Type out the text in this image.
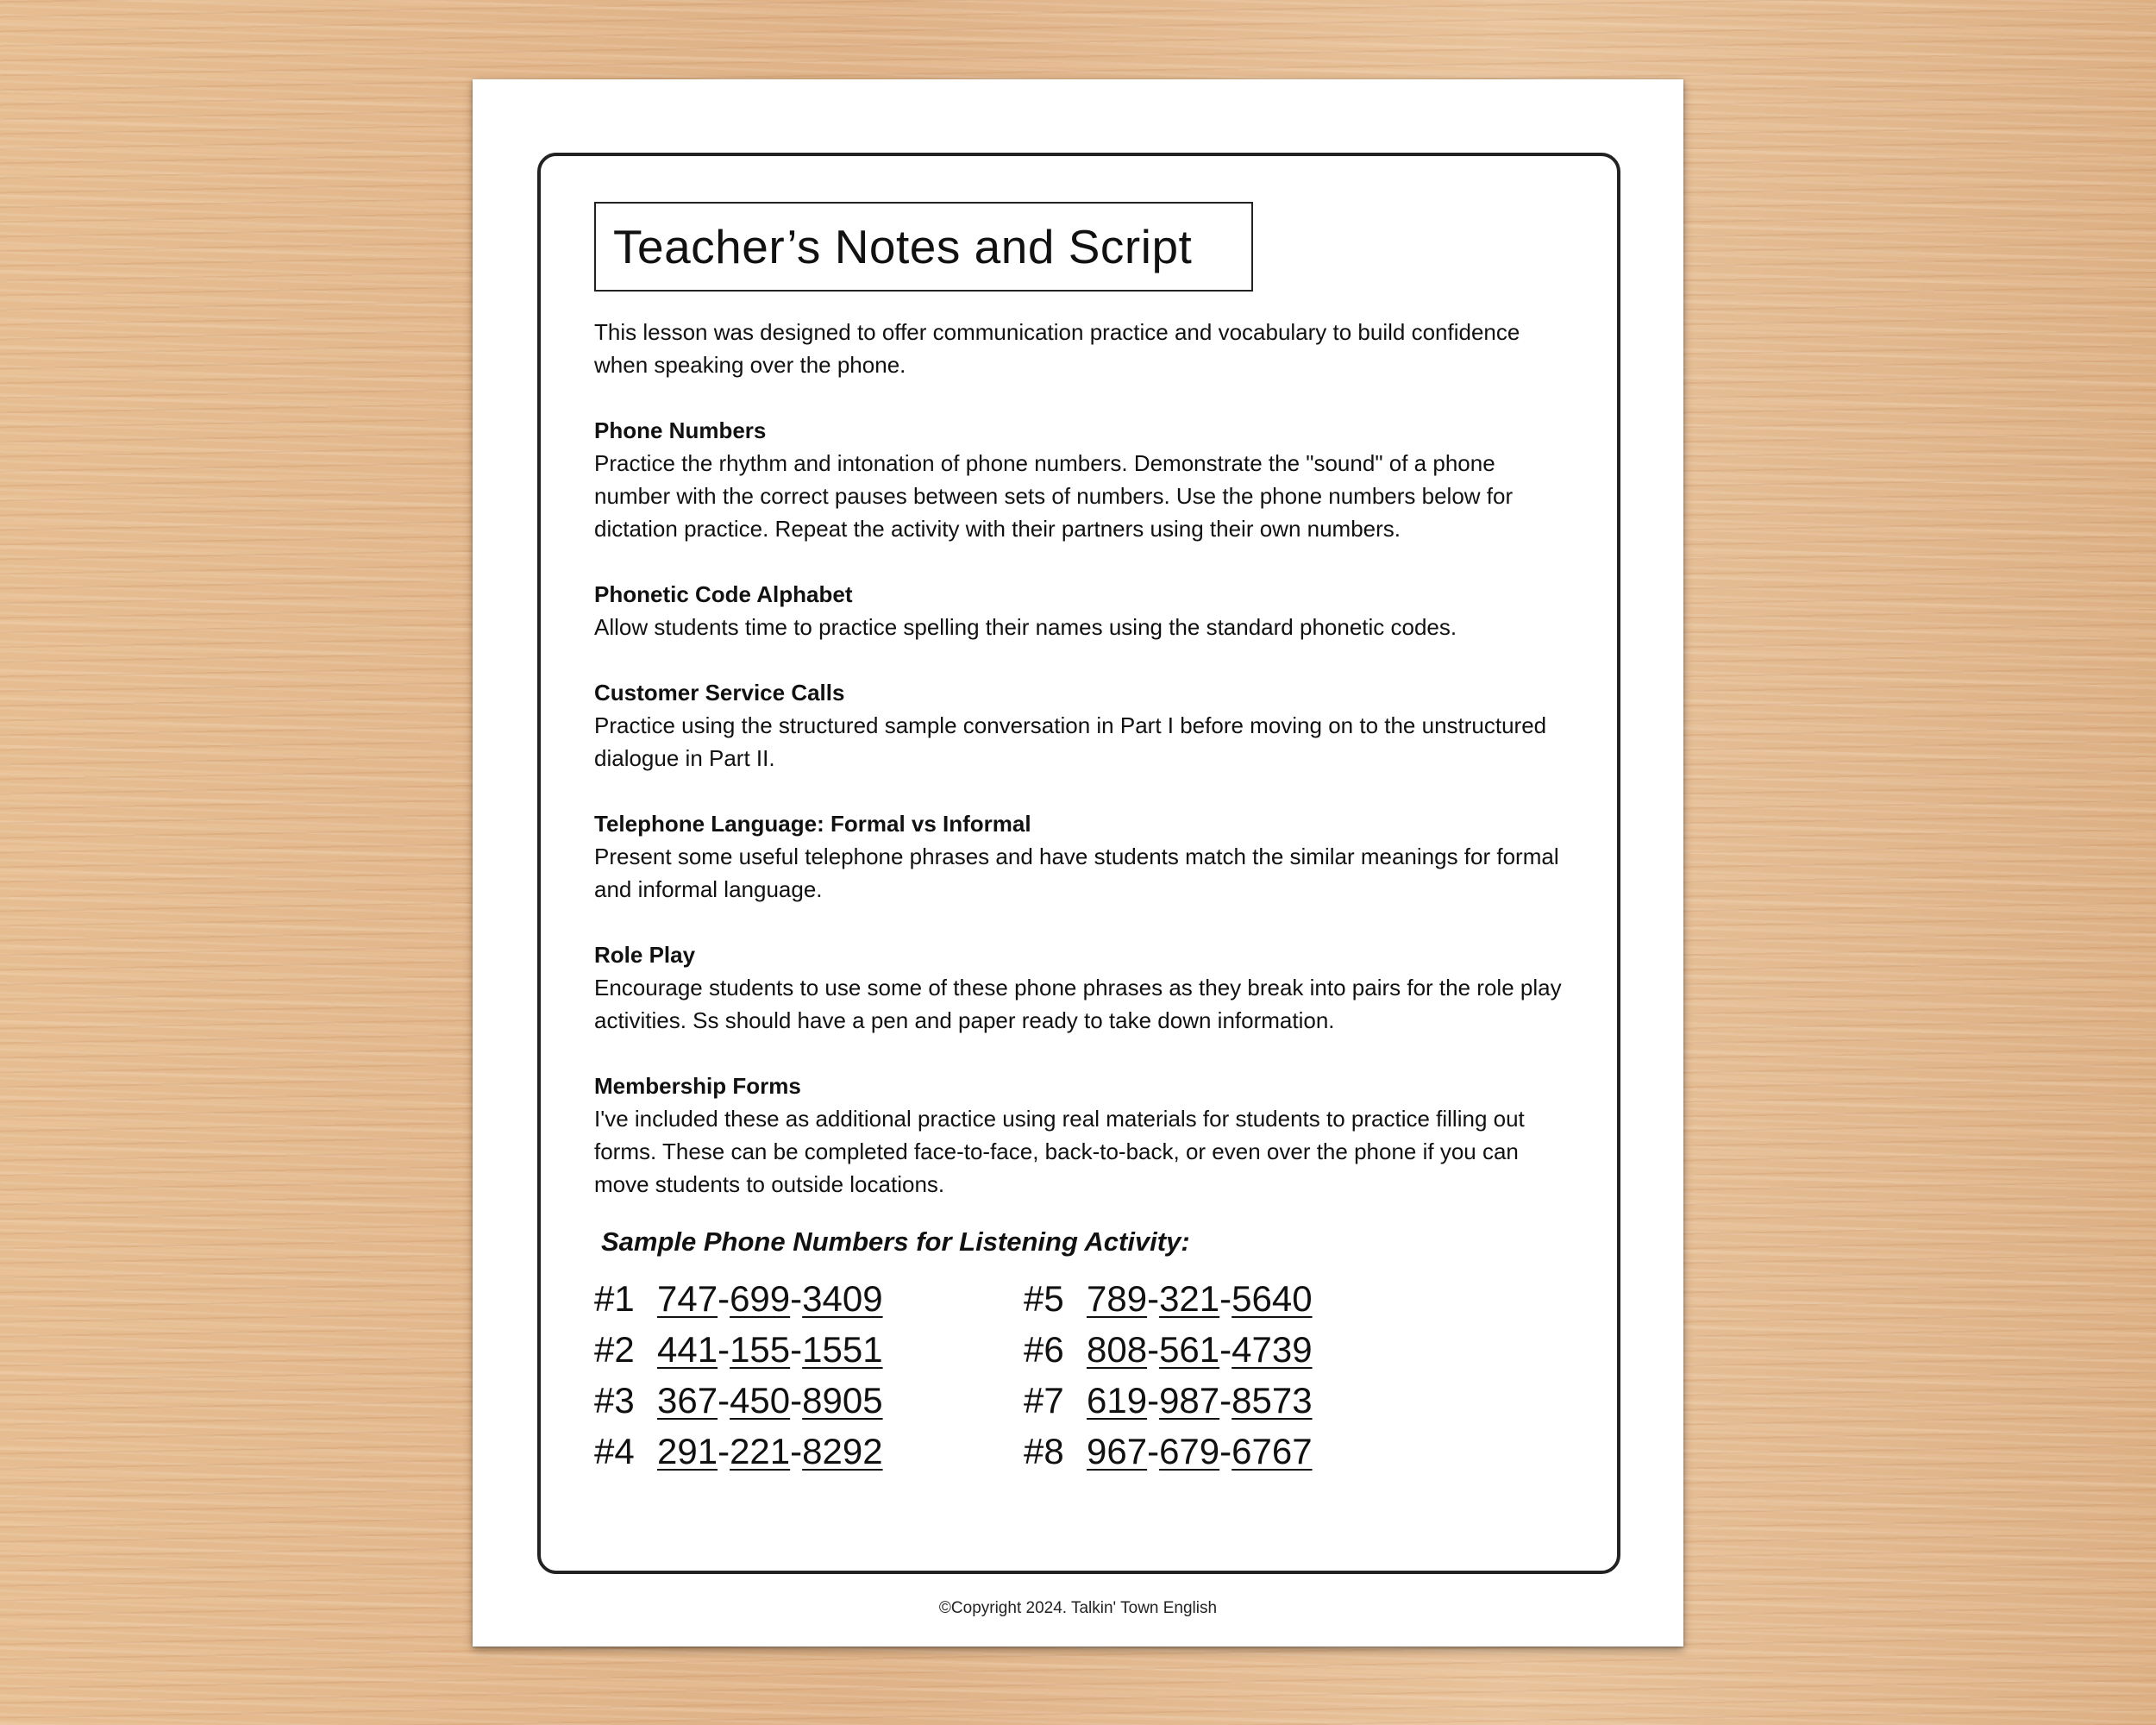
Teacher’s Notes and Script

This lesson was designed to offer communication practice and vocabulary to build confidence when speaking over the phone.

Phone Numbers

Practice the rhythm and intonation of phone numbers. Demonstrate the "sound" of a phone number with the correct pauses between sets of numbers. Use the phone numbers below for dictation practice. Repeat the activity with their partners using their own numbers.

Phonetic Code Alphabet

Allow students time to practice spelling their names using the standard phonetic codes.

Customer Service Calls

Practice using the structured sample conversation in Part I before moving on to the unstructured dialogue in Part II.

Telephone Language: Formal vs Informal

Present some useful telephone phrases and have students match the similar meanings for formal and informal language.

Role Play

Encourage students to use some of these phone phrases as they break into pairs for the role play activities. Ss should have a pen and paper ready to take down information.

Membership Forms

I've included these as additional practice using real materials for students to practice filling out forms. These can be completed face-to-face, back-to-back, or even over the phone if you can move students to outside locations.

Sample Phone Numbers for Listening Activity:
#1 747 - 699 - 3409	#5 789 - 321 - 5640
#2 441 - 155 - 1551	#6 808 - 561 - 4739
#3 367 - 450 - 8905	#7 619 - 987 - 8573
#4 291 - 221 - 8292	#8 967 - 679 - 6767
©Copyright 2024. Talkin' Town English
